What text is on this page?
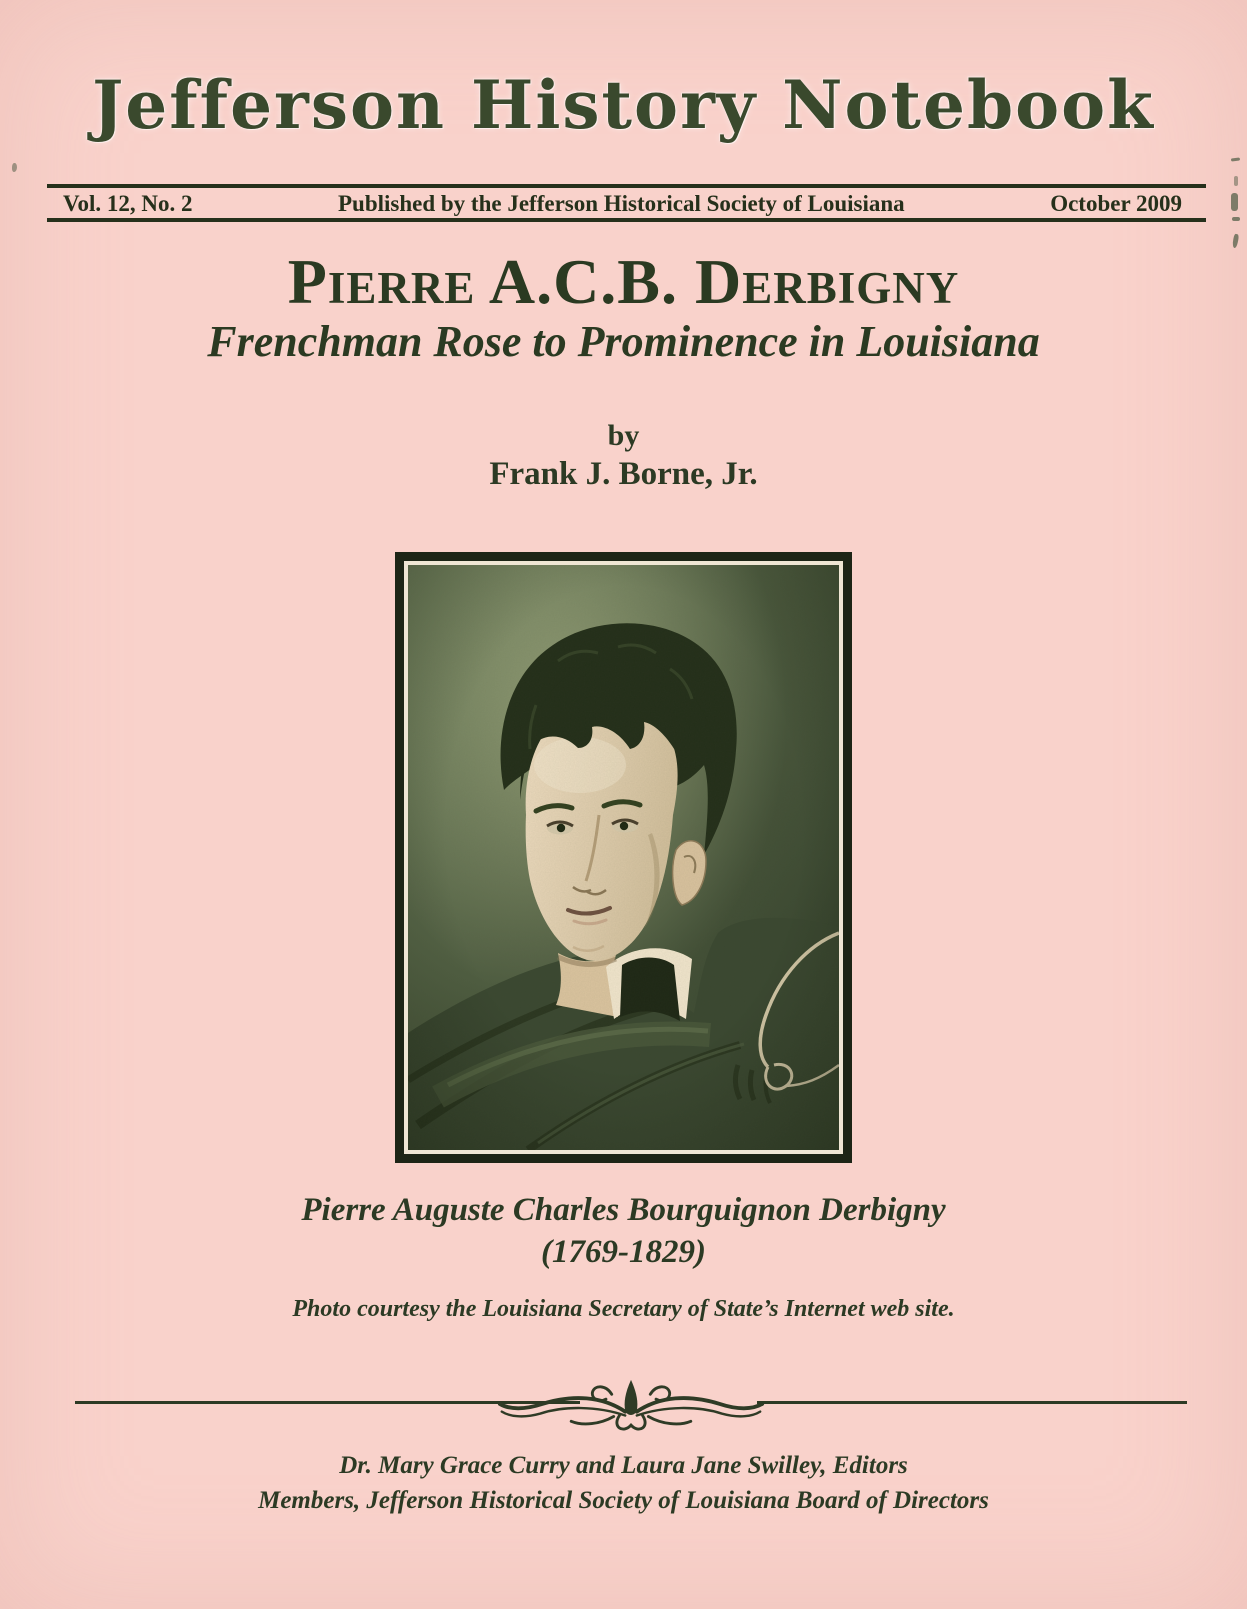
Jefferson History Notebook
Vol. 12, No. 2	Published by the Jefferson Historical Society of Louisiana	October 2009
Pierre A.C.B. Derbigny
Frenchman Rose to Prominence in Louisiana
by
Frank J. Borne, Jr.
Pierre Auguste Charles Bourguignon Derbigny
(1769-1829)
Photo courtesy the Louisiana Secretary of State’s Internet web site.
Dr. Mary Grace Curry and Laura Jane Swilley, Editors
Members, Jefferson Historical Society of Louisiana Board of Directors
